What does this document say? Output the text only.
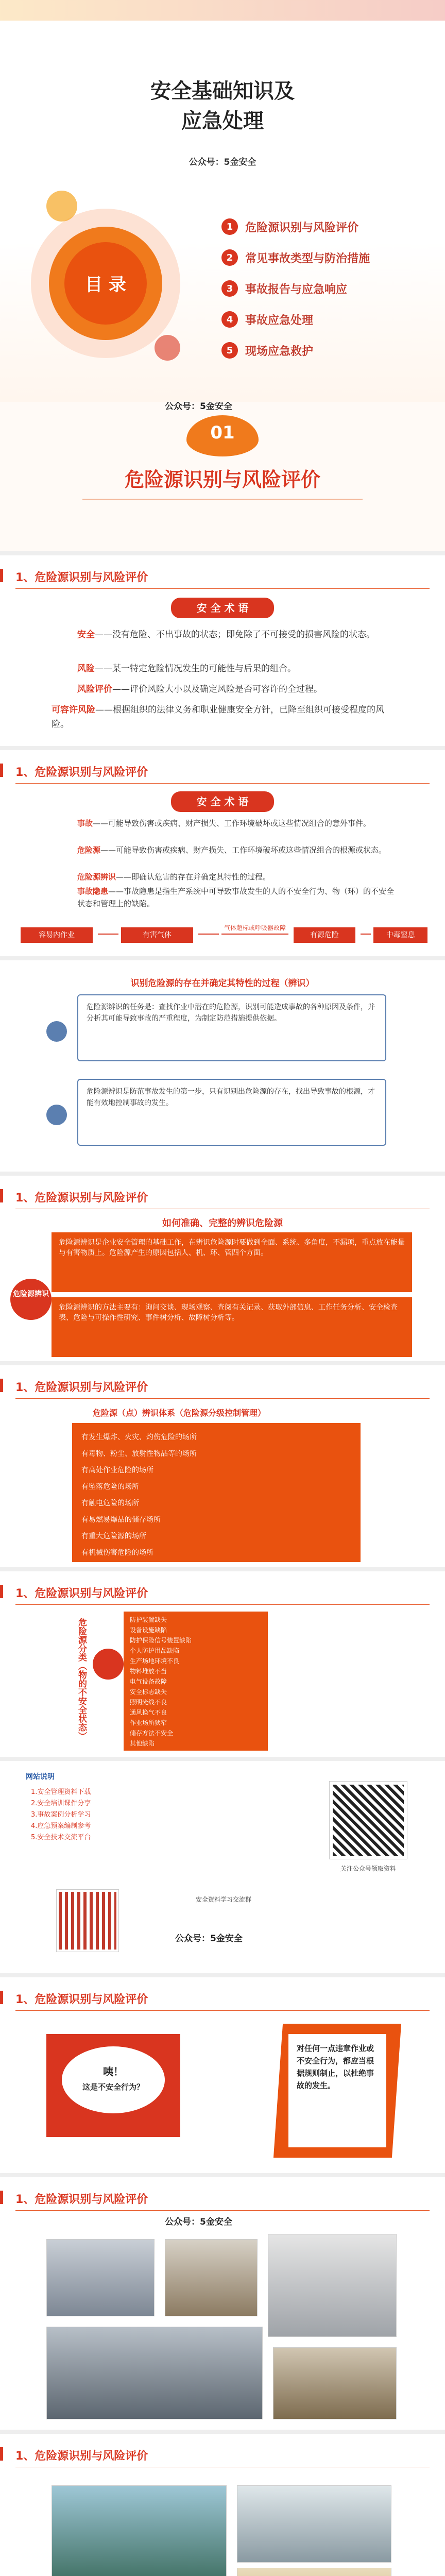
安全基础知识及
应急处理
公众号：5金安全
目 录
1	危险源识别与风险评价
2	常见事故类型与防治措施
3	事故报告与应急响应
4	事故应急处理
5	现场应急救护
公众号：5金安全
01
危险源识别与风险评价
1、危险源识别与风险评价
安 全 术 语
安全——没有危险、不出事故的状态；即免除了不可接受的损害风险的状态。
风险——某一特定危险情况发生的可能性与后果的组合。
风险评价——评价风险大小以及确定风险是否可容许的全过程。
可容许风险——根据组织的法律义务和职业健康安全方针，已降至组织可接受程度的风险。
1、危险源识别与风险评价
安 全 术 语
事故——可能导致伤害或疾病、财产损失、工作环境破坏或这些情况组合的意外事件。
危险源——可能导致伤害或疾病、财产损失、工作环境破坏或这些情况组合的根源或状态。
危险源辨识——即确认危害的存在并确定其特性的过程。
事故隐患——事故隐患是指生产系统中可导致事故发生的人的不安全行为、物（环）的不安全状态和管理上的缺陷。
容易内作业	有害气体
气体超标或呼吸器故障
有源危险	中毒窒息
识别危险源的存在并确定其特性的过程（辨识）
危险源辨识的任务是：查找作业中潜在的危险源，识别可能造成事故的各种原因及条件，并分析其可能导致事故的严重程度，为制定防范措施提供依据。
危险源辨识是防范事故发生的第一步，只有识别出危险源的存在，找出导致事故的根源，才能有效地控制事故的发生。
1、危险源识别与风险评价
如何准确、完整的辨识危险源
危险源辨识是企业安全管理的基础工作，在辨识危险源时要做到全面、系统、多角度，不漏项，重点放在能量与有害物质上。危险源产生的原因包括人、机、环、管四个方面。
危险源辨识的方法主要有：询问交谈、现场观察、查阅有关记录、获取外部信息、工作任务分析、安全检查表、危险与可操作性研究、事件树分析、故障树分析等。
危险源辨识
1、危险源识别与风险评价
危险源（点）辨识体系（危险源分级控制管理）
有发生爆炸、火灾、灼伤危险的场所
有毒物、粉尘、放射性物品等的场所
有高处作业危险的场所
有坠落危险的场所
有触电危险的场所
有易燃易爆品的储存场所
有重大危险源的场所
有机械伤害危险的场所
1、危险源识别与风险评价
危险源分类（物的不安全状态）	防护装置缺失
设备设施缺陷
防护保险信号装置缺陷
个人防护用品缺陷
生产场地环境不良
物料堆放不当
电气设备故障
安全标志缺失
照明光线不良
通风换气不良
作业场所狭窄
储存方法不安全
其他缺陷
网站说明
1.安全管理资料下载
2.安全培训课件分享
3.事故案例分析学习
4.应急预案编制参考
5.安全技术交流平台
关注公众号领取资料
安全资料学习交流群
公众号：5金安全
1、危险源识别与风险评价
咦！
这是不安全行为？
对任何一点违章作业或不安全行为，都应当根据规则制止，以杜绝事故的发生。
1、危险源识别与风险评价
公众号：5金安全
1、危险源识别与风险评价
